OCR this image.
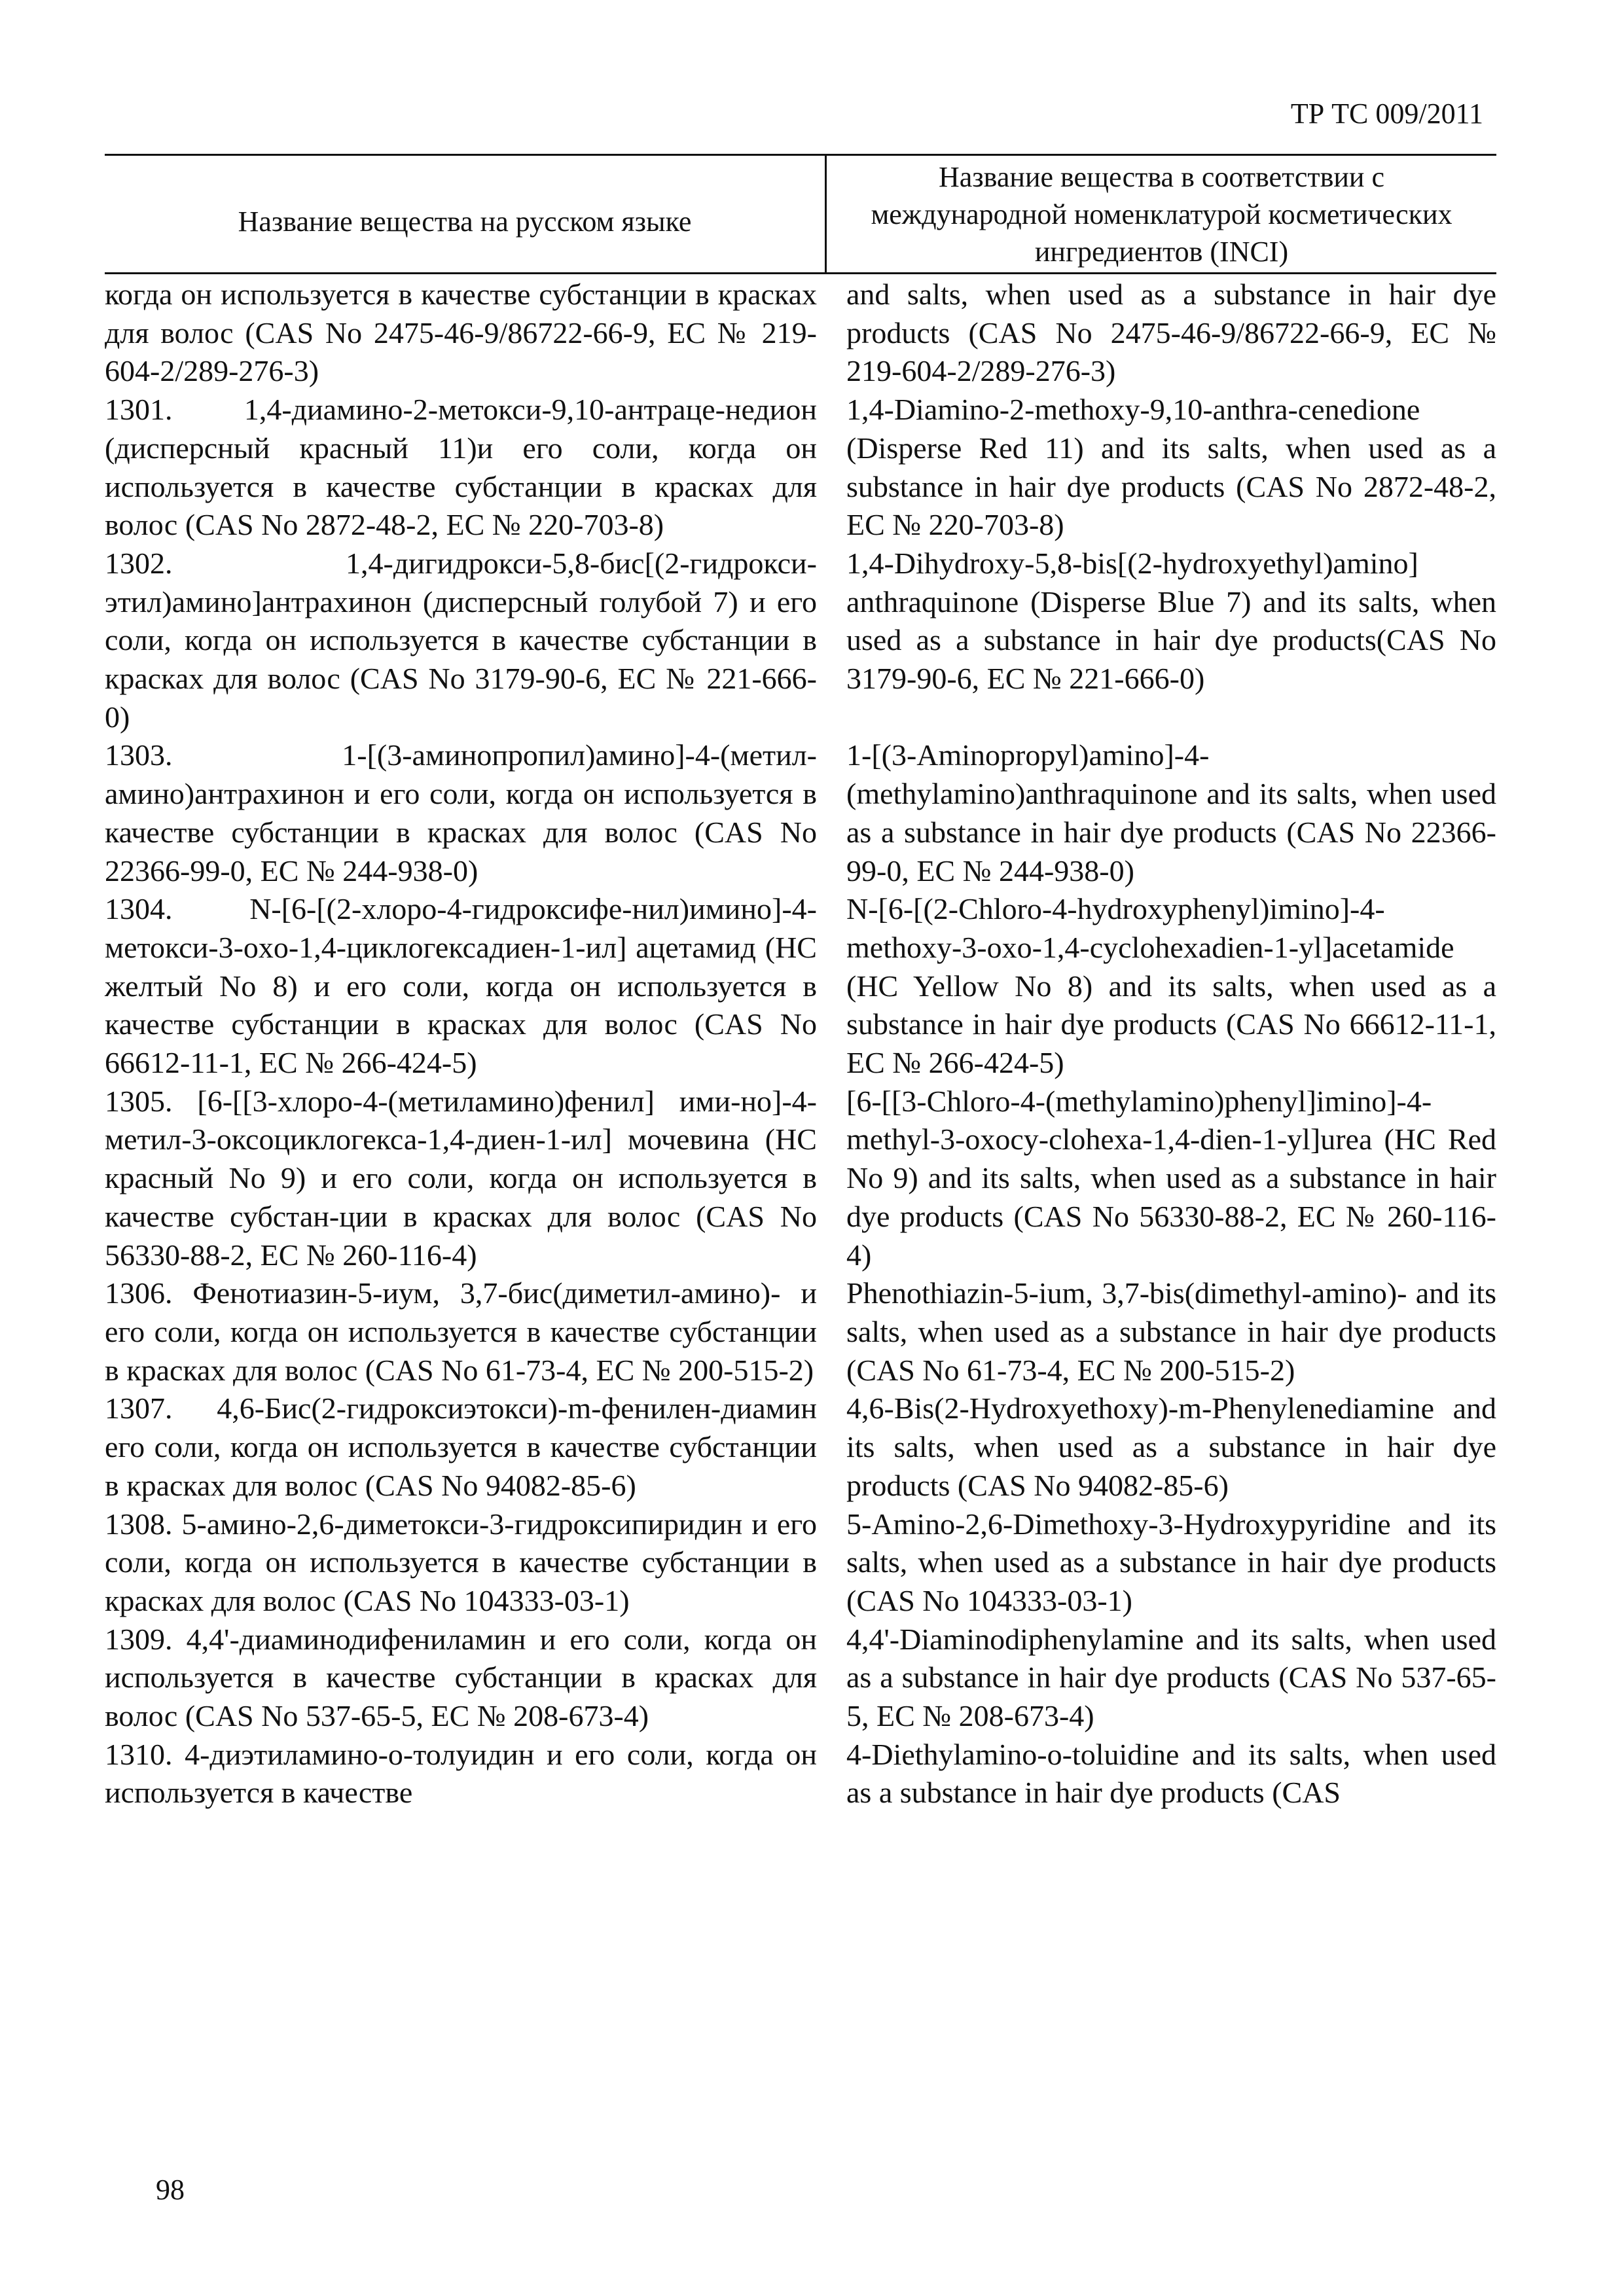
ТР ТС 009/2011
Название вещества на русском языке
Название вещества в соответствии с международной номенклатурой косметических ингредиентов (INCI)

когда он используется в качестве субстанции в красках для волос (CAS No 2475-46-9/86722-66-9, ЕС № 219-604-2/289-276-3)

and salts, when used as a substance in hair dye products (CAS No 2475-46-9/86722-66-9, EC № 219-604-2/289-276-3)

1301. 1,4-диамино-2-метокси-9,10-антраце-недион (дисперсный красный 11)и его соли, когда он используется в качестве субстанции в красках для волос (CAS No 2872-48-2, ЕС № 220-703-8)

1,4-Diamino-2-methoxy-9,10-anthra-cenedione (Disperse Red 11) and its salts, when used as a substance in hair dye products (CAS No 2872-48-2, EC № 220-703-8)

1302. 1,4-дигидрокси-5,8-бис[(2-гидрокси-этил)амино]антрахинон (дисперсный голубой 7) и его соли, когда он используется в качестве субстанции в красках для волос (CAS No 3179-90-6, ЕС № 221-666-0)

1,4-Dihydroxy-5,8-bis[(2-hydroxyethyl)amino] anthraquinone (Disperse Blue 7) and its salts, when used as a substance in hair dye products(CAS No 3179-90-6, EC № 221-666-0)

1303. 1-[(3-аминопропил)амино]-4-(метил-амино)антрахинон и его соли, когда он используется в качестве субстанции в красках для волос (CAS No 22366-99-0, ЕС № 244-938-0)

1-[(3-Aminopropyl)amino]-4-(methylamino)anthraquinone and its salts, when used as a substance in hair dye products (CAS No 22366-99-0, EC № 244-938-0)

1304. N-[6-[(2-хлоро-4-гидроксифе-нил)имино]-4-метокси-3-оxo-1,4-циклогексадиен-1-ил] ацетамид (HC желтый No 8) и его соли, когда он используется в качестве субстанции в красках для волос (CAS No 66612-11-1, ЕС № 266-424-5)

N-[6-[(2-Chloro-4-hydroxyphenyl)imino]-4-methoxy-3-oxo-1,4-cyclohexadien-1-yl]acetamide (HC Yellow No 8) and its salts, when used as a substance in hair dye products (CAS No 66612-11-1, EC № 266-424-5)

1305. [6-[[3-хлоро-4-(метиламино)фенил] ими-но]-4-метил-3-оксоциклогекса-1,4-диен-1-ил] мочевина (HC красный No 9) и его соли, когда он используется в качестве субстан-ции в красках для волос (CAS No 56330-88-2, ЕС № 260-116-4)

[6-[[3-Chloro-4-(methylamino)phenyl]imino]-4-methyl-3-oxocy-clohexa-1,4-dien-1-yl]urea (HC Red No 9) and its salts, when used as a substance in hair dye products (CAS No 56330-88-2, EC № 260-116-4)

1306. Фенотиазин-5-иум, 3,7-бис(диметил-амино)- и его соли, когда он используется в качестве субстанции в красках для волос (CAS No 61-73-4, ЕС № 200-515-2)

Phenothiazin-5-ium, 3,7-bis(dimethyl-amino)- and its salts, when used as a substance in hair dye products (CAS No 61-73-4, EC № 200-515-2)

1307. 4,6-Бис(2-гидроксиэтокси)-m-фенилен-диамин его соли, когда он используется в качестве субстанции в красках для волос (CAS No 94082-85-6)

4,6-Bis(2-Hydroxyethoxy)-m-Phenylenediamine and its salts, when used as a substance in hair dye products (CAS No 94082-85-6)

1308. 5-амино-2,6-диметокси-3-гидроксипиридин и его соли, когда он используется в качестве субстанции в красках для волос (CAS No 104333-03-1)

5-Amino-2,6-Dimethoxy-3-Hydroxypyridine and its salts, when used as a substance in hair dye products (CAS No 104333-03-1)

1309. 4,4'-диаминодифениламин и его соли, когда он используется в качестве субстанции в красках для волос (CAS No 537-65-5, ЕС № 208-673-4)

4,4'-Diaminodiphenylamine and its salts, when used as a substance in hair dye products (CAS No 537-65-5, EC № 208-673-4)

1310. 4-диэтиламино-о-толуидин и его соли, когда он используется в качестве

4-Diethylamino-o-toluidine and its salts, when used as a substance in hair dye products (CAS

98
